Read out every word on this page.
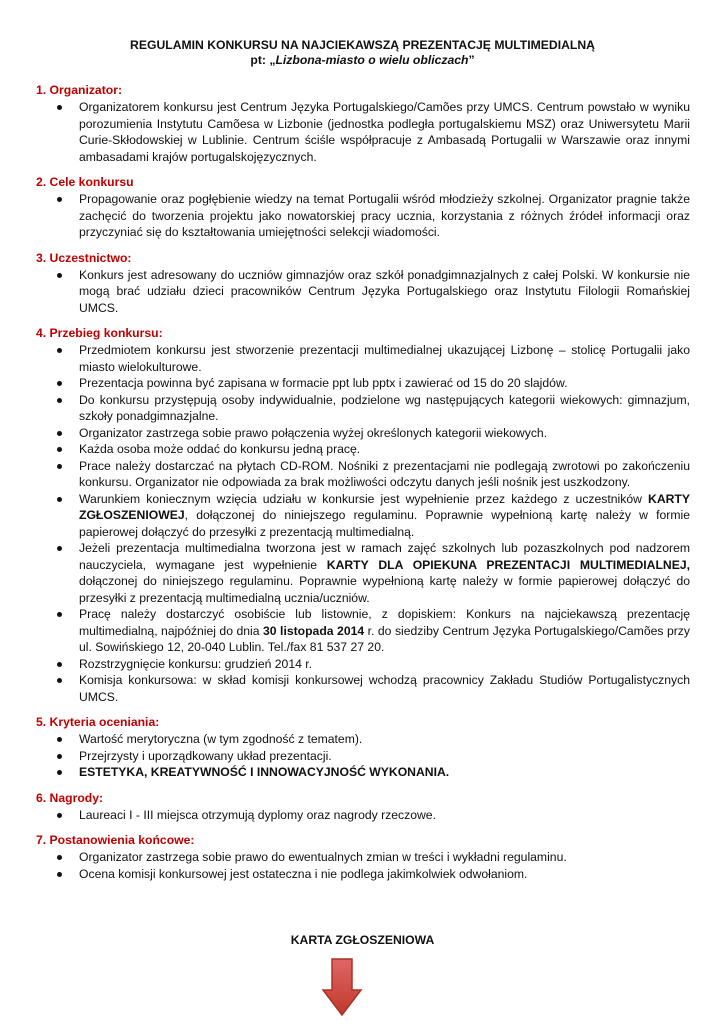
REGULAMIN KONKURSU NA NAJCIEKAWSZĄ PREZENTACJĘ MULTIMEDIALNĄ
pt: „Lizbona-miasto o wielu obliczach”
1. Organizator:
Organizatorem konkursu jest Centrum Języka Portugalskiego/Camões przy UMCS. Centrum powstało w wyniku porozumienia Instytutu Camõesa w Lizbonie (jednostka podległa portugalskiemu MSZ) oraz Uniwersytetu Marii Curie-Skłodowskiej w Lublinie. Centrum ściśle współpracuje z Ambasadą Portugalii w Warszawie oraz innymi ambasadami krajów portugalskojęzycznych.
2. Cele konkursu
Propagowanie oraz pogłębienie wiedzy na temat Portugalii wśród młodzieży szkolnej. Organizator pragnie także zachęcić do tworzenia projektu jako nowatorskiej pracy ucznia, korzystania z różnych źródeł informacji oraz przyczyniać się do kształtowania umiejętności selekcji wiadomości.
3. Uczestnictwo:
Konkurs jest adresowany do uczniów gimnazjów oraz szkół ponadgimnazjalnych z całej Polski. W konkursie nie mogą brać udziału dzieci pracowników Centrum Języka Portugalskiego oraz Instytutu Filologii Romańskiej UMCS.
4. Przebieg konkursu:
Przedmiotem konkursu jest stworzenie prezentacji multimedialnej ukazującej Lizbonę – stolicę Portugalii jako miasto wielokulturowe.
Prezentacja powinna być zapisana w formacie ppt lub pptx i zawierać od 15 do 20 slajdów.
Do konkursu przystępują osoby indywidualnie, podzielone wg następujących kategorii wiekowych: gimnazjum, szkoły ponadgimnazjalne.
Organizator zastrzega sobie prawo połączenia wyżej określonych kategorii wiekowych.
Każda osoba może oddać do konkursu jedną pracę.
Prace należy dostarczać na płytach CD-ROM. Nośniki z prezentacjami nie podlegają zwrotowi po zakończeniu konkursu. Organizator nie odpowiada za brak możliwości odczytu danych jeśli nośnik jest uszkodzony.
Warunkiem koniecznym wzięcia udziału w konkursie jest wypełnienie przez każdego z uczestników KARTY ZGŁOSZENIOWEJ, dołączonej do niniejszego regulaminu. Poprawnie wypełnioną kartę należy w formie papierowej dołączyć do przesyłki z prezentacją multimedialną.
Jeżeli prezentacja multimedialna tworzona jest w ramach zajęć szkolnych lub pozaszkolnych pod nadzorem nauczyciela, wymagane jest wypełnienie KARTY DLA OPIEKUNA PREZENTACJI MULTIMEDIALNEJ, dołączonej do niniejszego regulaminu. Poprawnie wypełnioną kartę należy w formie papierowej dołączyć do przesyłki z prezentacją multimedialną ucznia/uczniów.
Pracę należy dostarczyć osobiście lub listownie, z dopiskiem: Konkurs na najciekawszą prezentację multimedialną, najpóźniej do dnia 30 listopada 2014 r. do siedziby Centrum Języka Portugalskiego/Camões przy ul. Sowińskiego 12, 20-040 Lublin. Tel./fax 81 537 27 20.
Rozstrzygnięcie konkursu: grudzień 2014 r.
Komisja konkursowa: w skład komisji konkursowej wchodzą pracownicy Zakładu Studiów Portugalistycznych UMCS.
5. Kryteria oceniania:
Wartość merytoryczna (w tym zgodność z tematem).
Przejrzysty i uporządkowany układ prezentacji.
ESTETYKA, KREATYWNOŚĆ I INNOWACYJNOŚĆ WYKONANIA.
6. Nagrody:
Laureaci I - III miejsca otrzymują dyplomy oraz nagrody rzeczowe.
7. Postanowienia końcowe:
Organizator zastrzega sobie prawo do ewentualnych zmian w treści i wykładni regulaminu.
Ocena komisji konkursowej jest ostateczna i nie podlega jakimkolwiek odwołaniom.
KARTA ZGŁOSZENIOWA
